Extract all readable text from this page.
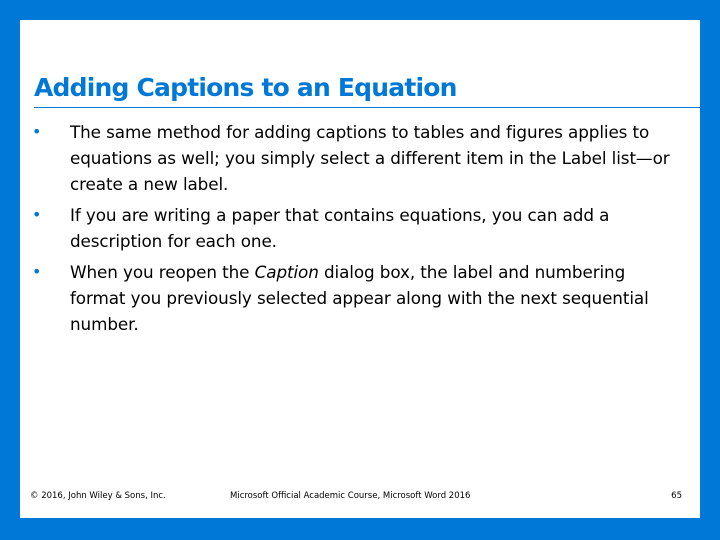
Adding Captions to an Equation
•	The same method for adding captions to tables and figures applies to equations as well; you simply select a different item in the Label list—or create a new label.
•	If you are writing a paper that contains equations, you can add a description for each one.
•	When you reopen the Caption dialog box, the label and numbering format you previously selected appear along with the next sequential number.
© 2016, John Wiley & Sons, Inc.	Microsoft Official Academic Course, Microsoft Word 2016	65
